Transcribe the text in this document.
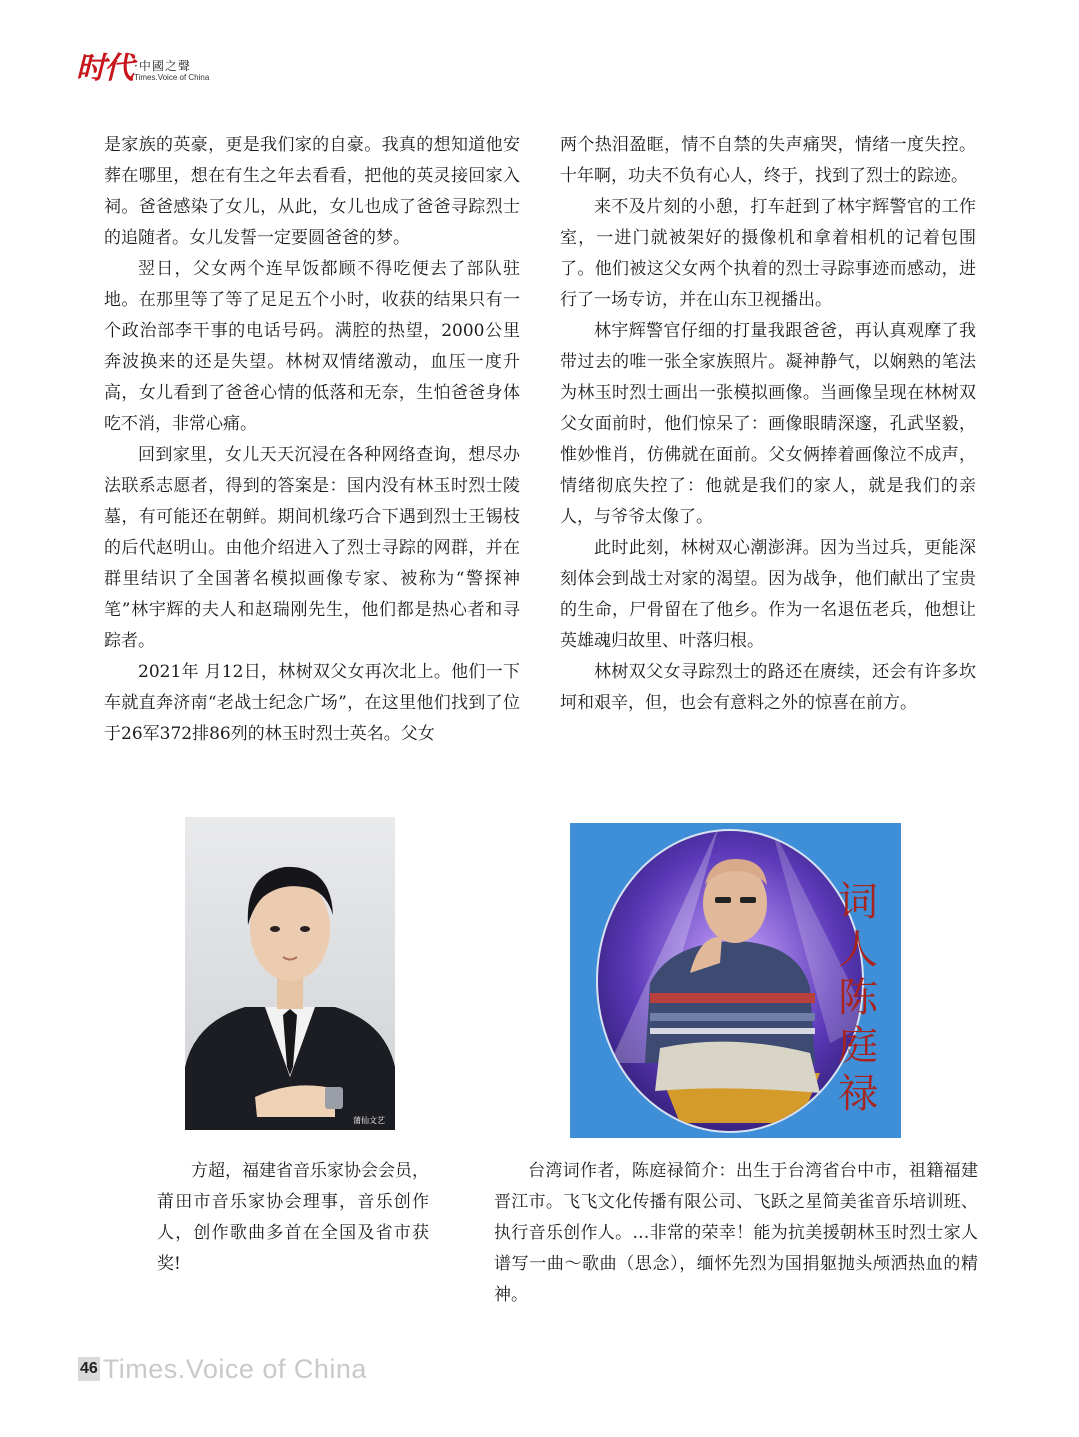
时代 ·中國之聲
Times.Voice of China

是家族的英豪，更是我们家的自豪。我真的想知道他安葬在哪里，想在有生之年去看看，把他的英灵接回家入祠。爸爸感染了女儿，从此，女儿也成了爸爸寻踪烈士的追随者。女儿发誓一定要圆爸爸的梦。

翌日，父女两个连早饭都顾不得吃便去了部队驻地。在那里等了等了足足五个小时，收获的结果只有一个政治部李干事的电话号码。满腔的热望，2000公里奔波换来的还是失望。林树双情绪激动，血压一度升高，女儿看到了爸爸心情的低落和无奈，生怕爸爸身体吃不消，非常心痛。

回到家里，女儿天天沉浸在各种网络查询，想尽办法联系志愿者，得到的答案是：国内没有林玉时烈士陵墓，有可能还在朝鲜。期间机缘巧合下遇到烈士王锡枝的后代赵明山。由他介绍进入了烈士寻踪的网群，并在群里结识了全国著名模拟画像专家、被称为“警探神笔”林宇辉的夫人和赵瑞刚先生，他们都是热心者和寻踪者。

2021年 月12日，林树双父女再次北上。他们一下车就直奔济南“老战士纪念广场”，在这里他们找到了位于26军372排86列的林玉时烈士英名。父女

两个热泪盈眶，情不自禁的失声痛哭，情绪一度失控。十年啊，功夫不负有心人，终于，找到了烈士的踪迹。

来不及片刻的小憩，打车赶到了林宇辉警官的工作室，一进门就被架好的摄像机和拿着相机的记着包围了。他们被这父女两个执着的烈士寻踪事迹而感动，进行了一场专访，并在山东卫视播出。

林宇辉警官仔细的打量我跟爸爸，再认真观摩了我带过去的唯一张全家族照片。凝神静气，以娴熟的笔法为林玉时烈士画出一张模拟画像。当画像呈现在林树双父女面前时，他们惊呆了：画像眼睛深邃，孔武坚毅，惟妙惟肖，仿佛就在面前。父女俩捧着画像泣不成声，情绪彻底失控了：他就是我们的家人，就是我们的亲人，与爷爷太像了。

此时此刻，林树双心潮澎湃。因为当过兵，更能深刻体会到战士对家的渴望。因为战争，他们献出了宝贵的生命，尸骨留在了他乡。作为一名退伍老兵，他想让英雄魂归故里、叶落归根。

林树双父女寻踪烈士的路还在赓续，还会有许多坎坷和艰辛，但，也会有意料之外的惊喜在前方。

蒲仙文艺
词
人
陈
庭
禄

方超，福建省音乐家协会会员，莆田市音乐家协会理事，音乐创作人，创作歌曲多首在全国及省市获奖!

台湾词作者，陈庭禄简介：出生于台湾省台中市，祖籍福建晋江市。飞飞文化传播有限公司、飞跃之星简美雀音乐培训班、执行音乐创作人。…非常的荣幸！能为抗美援朝林玉时烈士家人谱写一曲～歌曲（思念），缅怀先烈为国捐躯抛头颅洒热血的精神。

46 Times.Voice of China
